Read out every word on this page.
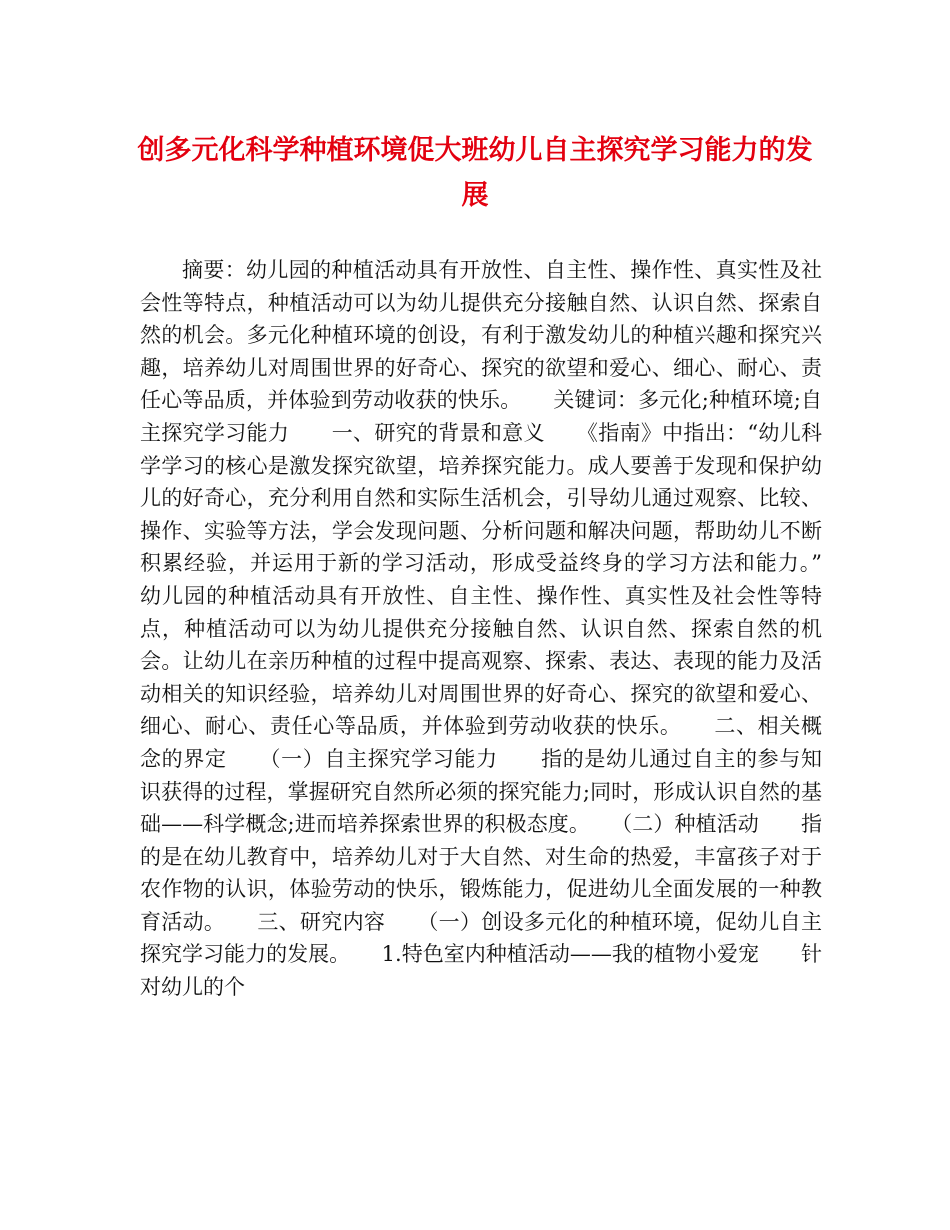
创多元化科学种植环境促大班幼儿自主探究学习能力的发展

摘要：幼儿园的种植活动具有开放性、自主性、操作性、真实性及社会性等特点，种植活动可以为幼儿提供充分接触自然、认识自然、探索自然的机会。多元化种植环境的创设，有利于激发幼儿的种植兴趣和探究兴趣，培养幼儿对周围世界的好奇心、探究的欲望和爱心、细心、耐心、责任心等品质，并体验到劳动收获的快乐。　　关键词：多元化;种植环境;自主探究学习能力　　一、研究的背景和意义　　《指南》中指出：“幼儿科学学习的核心是激发探究欲望，培养探究能力。成人要善于发现和保护幼儿的好奇心，充分利用自然和实际生活机会，引导幼儿通过观察、比较、操作、实验等方法，学会发现问题、分析问题和解决问题，帮助幼儿不断积累经验，并运用于新的学习活动，形成受益终身的学习方法和能力。”　　幼儿园的种植活动具有开放性、自主性、操作性、真实性及社会性等特点，种植活动可以为幼儿提供充分接触自然、认识自然、探索自然的机会。让幼儿在亲历种植的过程中提高观察、探索、表达、表现的能力及活动相关的知识经验，培养幼儿对周围世界的好奇心、探究的欲望和爱心、细心、耐心、责任心等品质，并体验到劳动收获的快乐。　　二、相关概念的界定　　（一）自主探究学习能力　　指的是幼儿通过自主的参与知识获得的过程，掌握研究自然所必须的探究能力;同时，形成认识自然的基础——科学概念;进而培养探索世界的积极态度。　　（二）种植活动　　指的是在幼儿教育中，培养幼儿对于大自然、对生命的热爱，丰富孩子对于农作物的认识，体验劳动的快乐，锻炼能力，促进幼儿全面发展的一种教育活动。　　三、研究内容　　（一）创设多元化的种植环境，促幼儿自主探究学习能力的发展。　　1.特色室内种植活动——我的植物小爱宠　　针对幼儿的个
